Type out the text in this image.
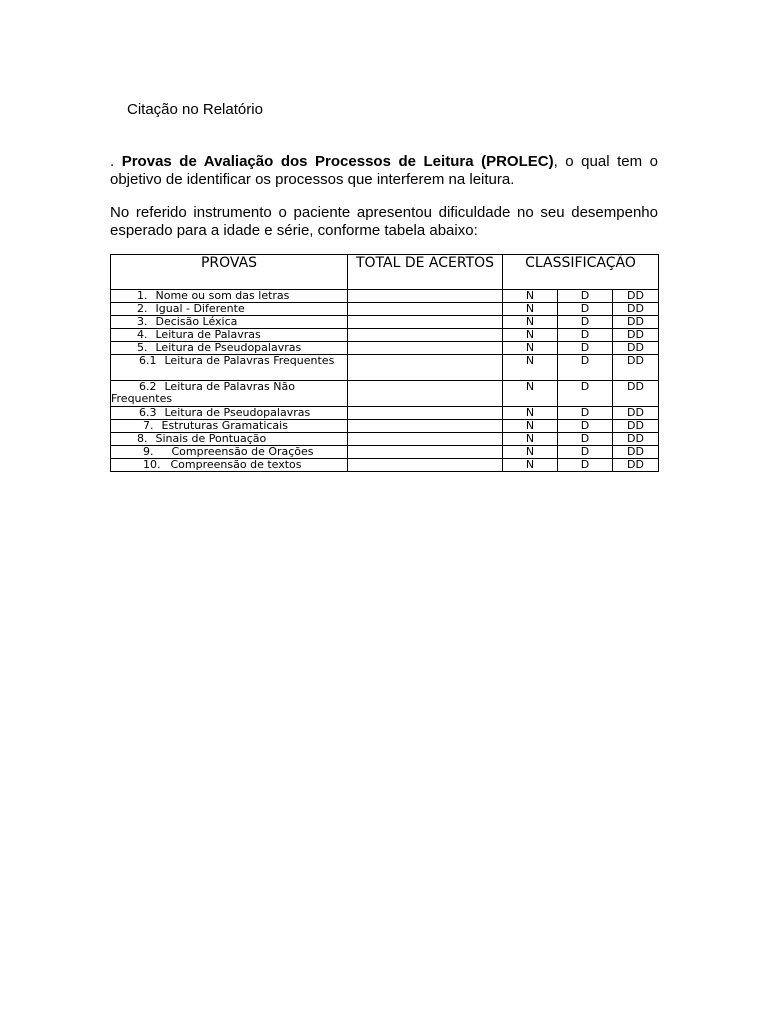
Citação no Relatório
. Provas de Avaliação dos Processos de Leitura (PROLEC), o qual tem o objetivo de identificar os processos que interferem na leitura.
No referido instrumento o paciente apresentou dificuldade no seu desempenho esperado para a idade e série, conforme tabela abaixo:
PROVAS	TOTAL DE ACERTOS	CLASSIFICAÇÃO		
1. Nome ou som das letras		N	D	DD
2. Igual - Diferente		N	D	DD
3. Decisão Léxica		N	D	DD
4. Leitura de Palavras		N	D	DD
5. Leitura de Pseudopalavras		N	D	DD
6.1 Leitura de Palavras Frequentes		N	D	DD
6.2 Leitura de Palavras Não Frequentes		N	D	DD
6.3 Leitura de Pseudopalavras		N	D	DD
7. Estruturas Gramaticais		N	D	DD
8. Sinais de Pontuação		N	D	DD
9. Compreensão de Orações		N	D	DD
10. Compreensão de textos		N	D	DD
